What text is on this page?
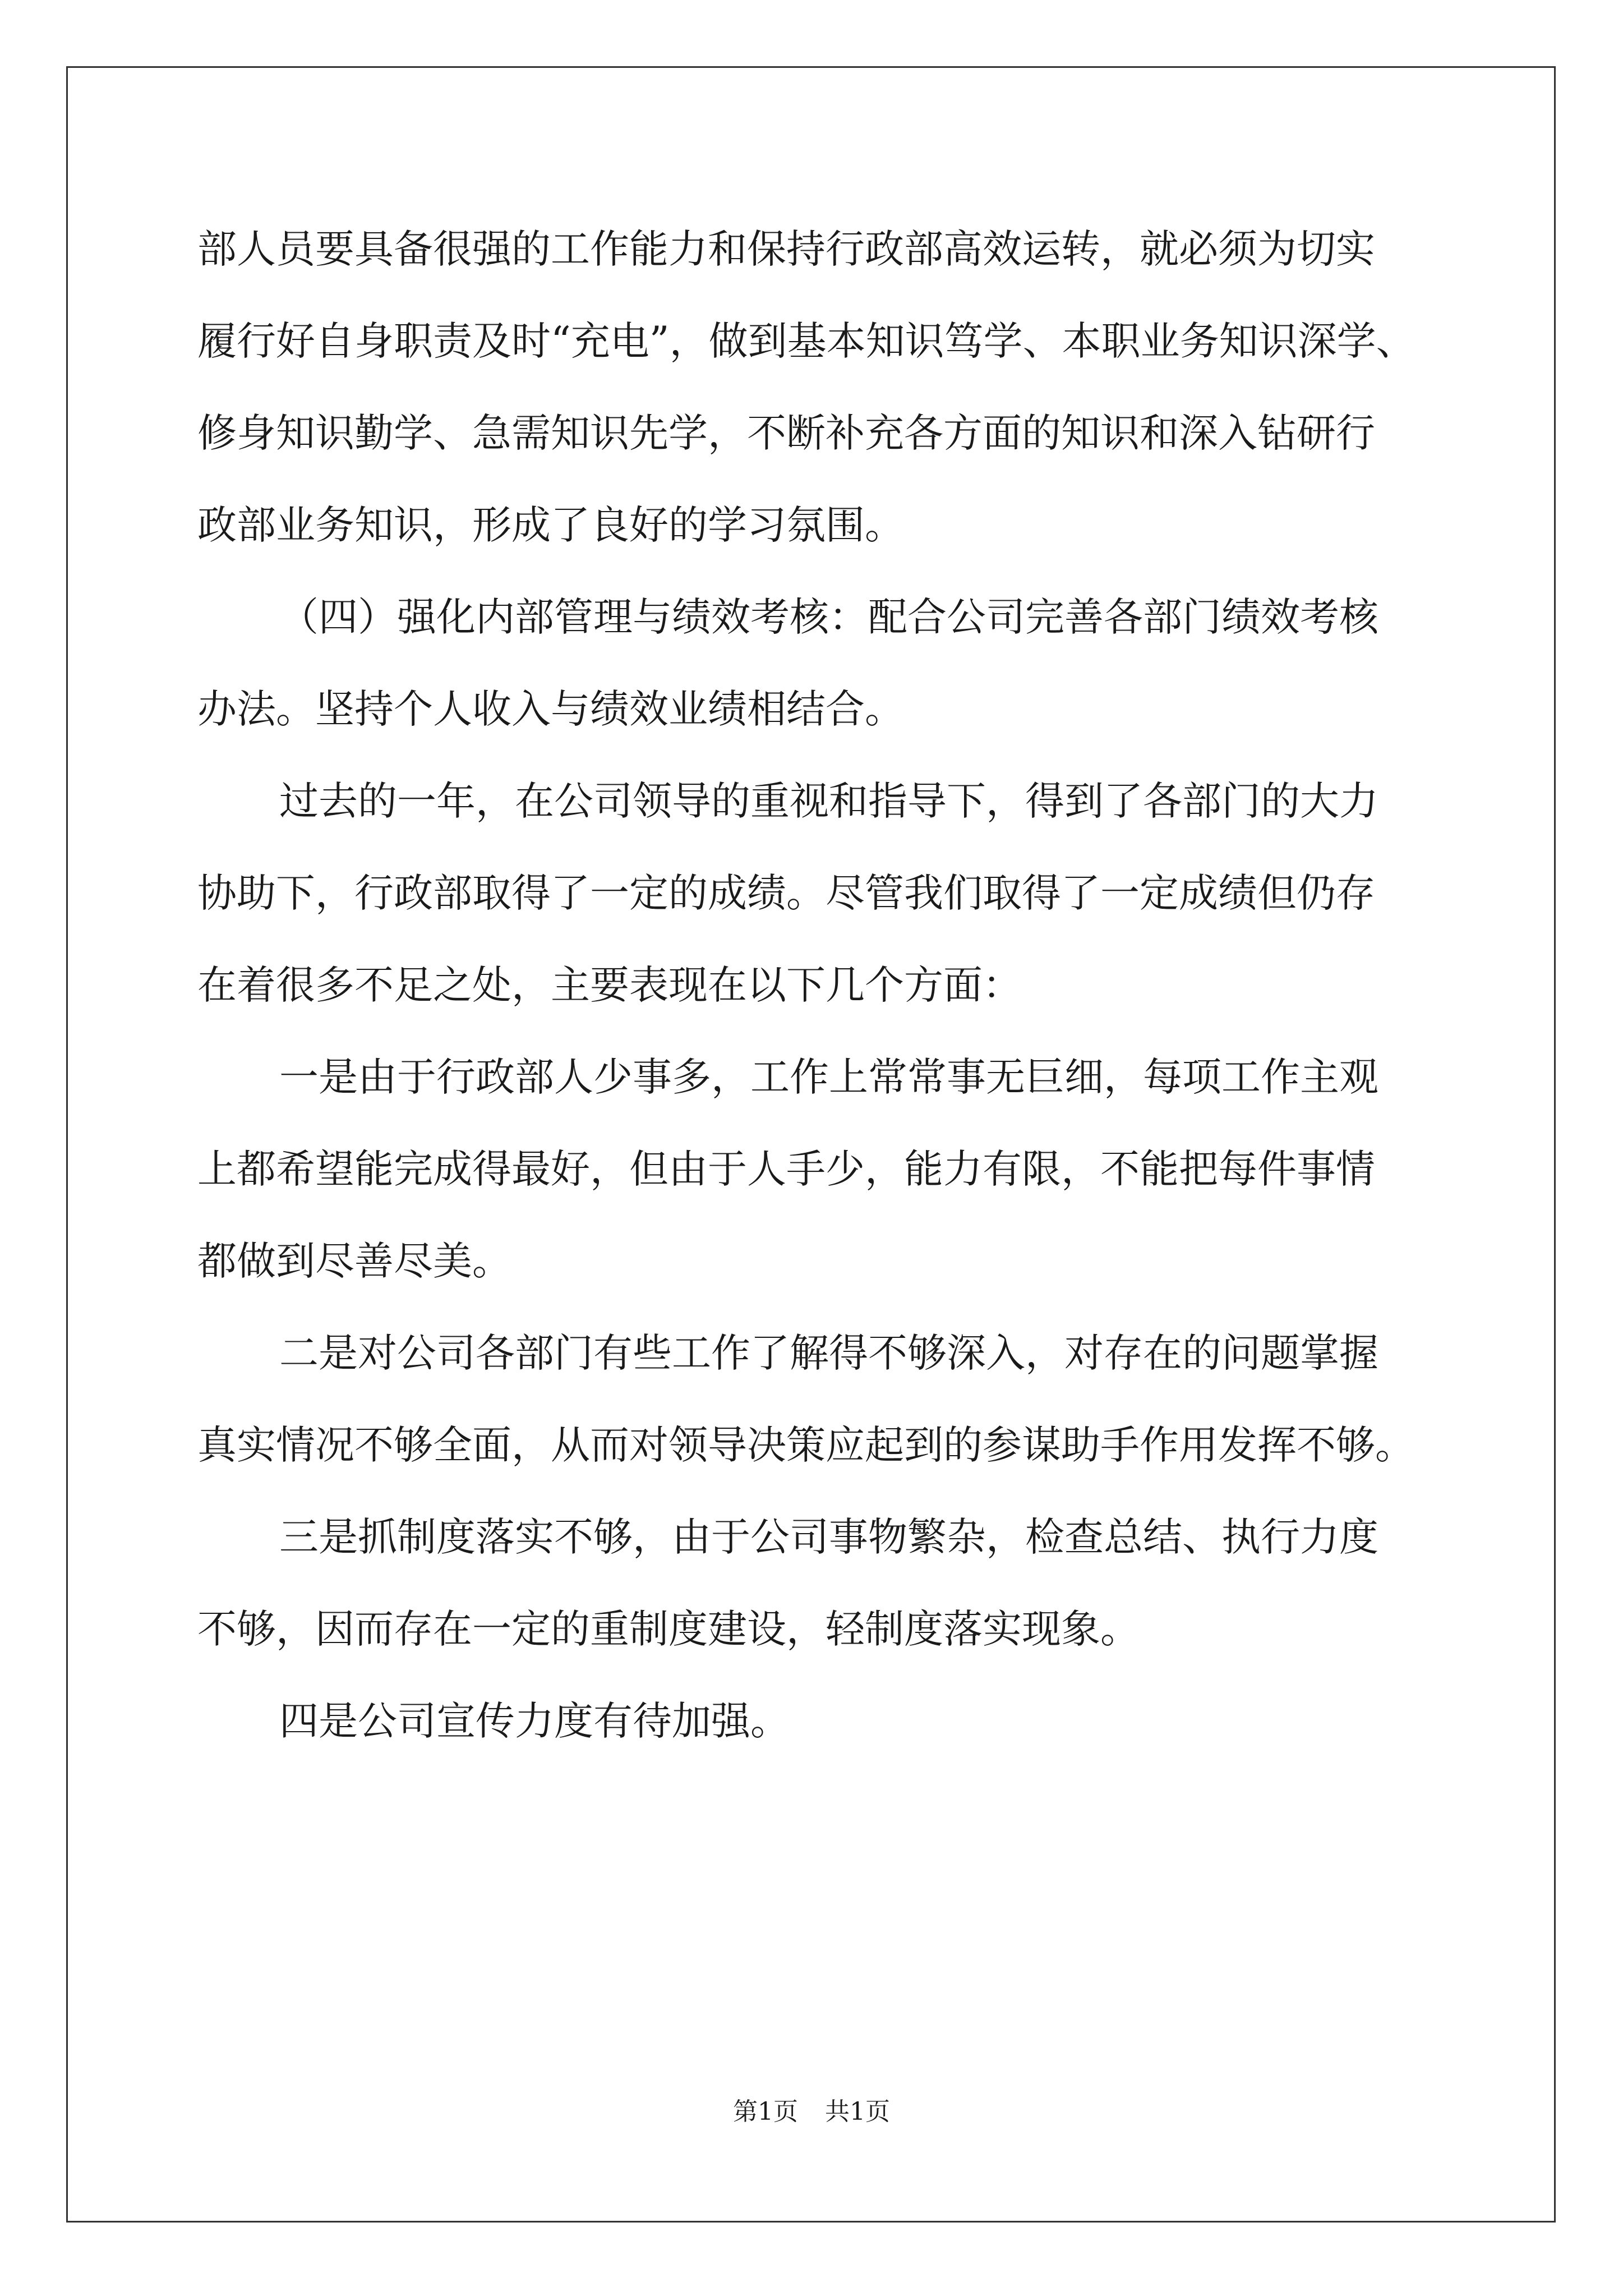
部人员要具备很强的工作能力和保持行政部高效运转，就必须为切实
履行好自身职责及时“充电”，做到基本知识笃学、本职业务知识深学、
修身知识勤学、急需知识先学，不断补充各方面的知识和深入钻研行
政部业务知识，形成了良好的学习氛围。
（四）强化内部管理与绩效考核：配合公司完善各部门绩效考核
办法。坚持个人收入与绩效业绩相结合。
过去的一年，在公司领导的重视和指导下，得到了各部门的大力
协助下，行政部取得了一定的成绩。尽管我们取得了一定成绩但仍存
在着很多不足之处，主要表现在以下几个方面：
一是由于行政部人少事多，工作上常常事无巨细，每项工作主观
上都希望能完成得最好，但由于人手少，能力有限，不能把每件事情
都做到尽善尽美。
二是对公司各部门有些工作了解得不够深入，对存在的问题掌握
真实情况不够全面，从而对领导决策应起到的参谋助手作用发挥不够。
三是抓制度落实不够，由于公司事物繁杂，检查总结、执行力度
不够，因而存在一定的重制度建设，轻制度落实现象。
四是公司宣传力度有待加强。
第1页 共1页
